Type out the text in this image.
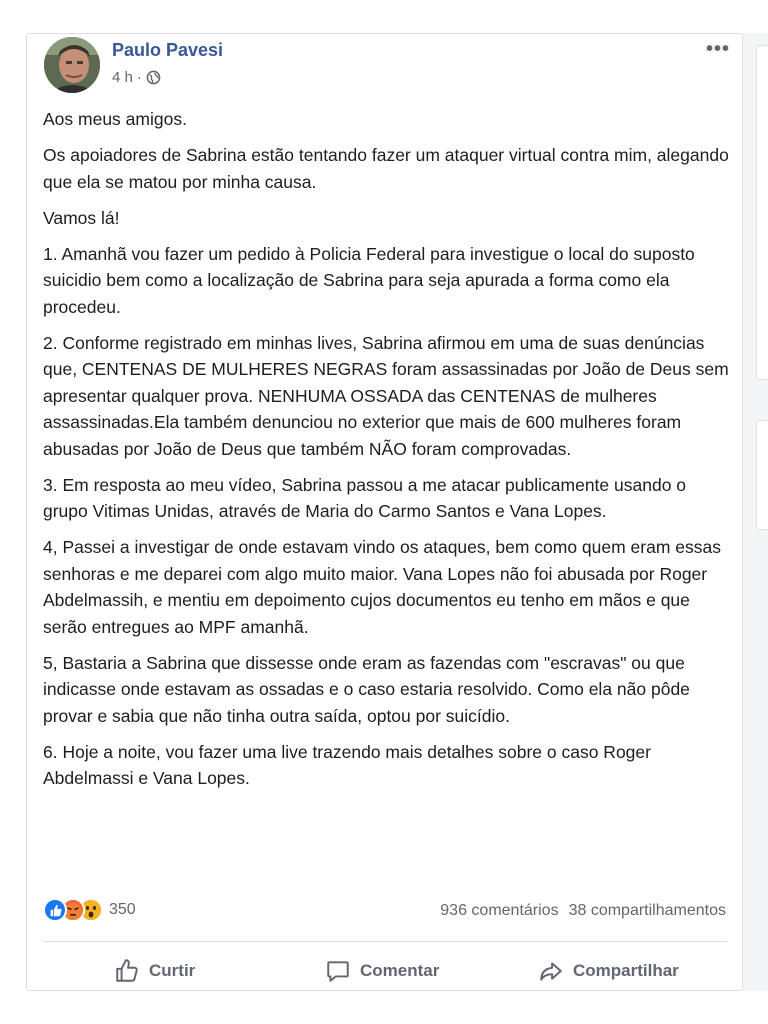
Paulo Pavesi
4 h ·
•••

Aos meus amigos.

Os apoiadores de Sabrina estão tentando fazer um ataquer virtual contra mim, alegando que ela se matou por minha causa.

Vamos lá!

1. Amanhã vou fazer um pedido à Policia Federal para investigue o local do suposto suicidio bem como a localização de Sabrina para seja apurada a forma como ela procedeu.

2. Conforme registrado em minhas lives, Sabrina afirmou em uma de suas denúncias que, CENTENAS DE MULHERES NEGRAS foram assassinadas por João de Deus sem apresentar qualquer prova. NENHUMA OSSADA das CENTENAS de mulheres assassinadas.Ela também denunciou no exterior que mais de 600 mulheres foram abusadas por João de Deus que também NÃO foram comprovadas.

3. Em resposta ao meu vídeo, Sabrina passou a me atacar publicamente usando o grupo Vitimas Unidas, através de Maria do Carmo Santos e Vana Lopes.

4, Passei a investigar de onde estavam vindo os ataques, bem como quem eram essas senhoras e me deparei com algo muito maior. Vana Lopes não foi abusada por Roger Abdelmassih, e mentiu em depoimento cujos documentos eu tenho em mãos e que serão entregues ao MPF amanhã.

5, Bastaria a Sabrina que dissesse onde eram as fazendas com "escravas" ou que indicasse onde estavam as ossadas e o caso estaria resolvido. Como ela não pôde provar e sabia que não tinha outra saída, optou por suicídio.

6. Hoje a noite, vou fazer uma live trazendo mais detalhes sobre o caso Roger Abdelmassi e Vana Lopes.

350	936 comentários 38 compartilhamentos
Curtir	Comentar	Compartilhar
